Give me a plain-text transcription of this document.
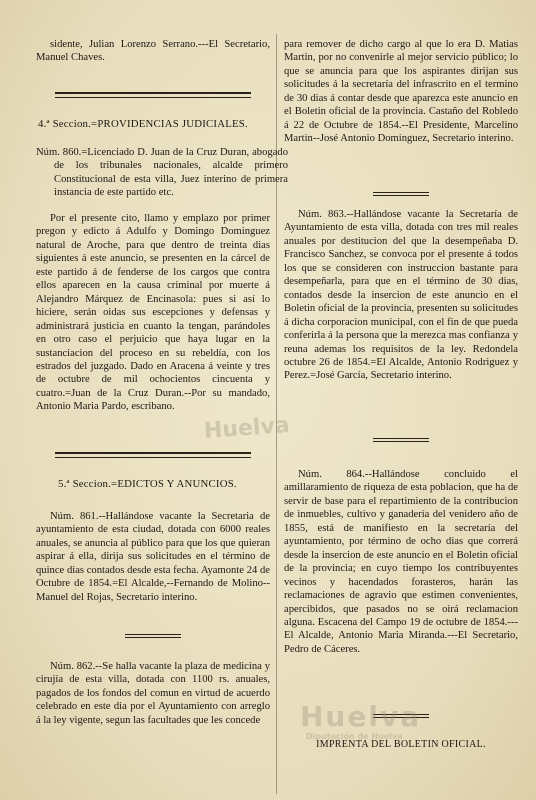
sidente, Julian Lorenzo Serrano.---El Secretario, Manuel Chaves.

4.ª Seccion.=PROVIDENCIAS JUDICIALES.

Núm. 860.=Licenciado D. Juan de la Cruz Duran, abogado de los tribunales nacionales, alcalde primero Constitucional de esta villa, Juez interino de primera instancia de este partido etc.

Por el presente cito, llamo y emplazo por primer pregon y edicto á Adulfo y Domingo Dominguez natural de Aroche, para que dentro de treinta dias siguientes á este anuncio, se presenten en la cárcel de este partido á de fenderse de los cargos que contra ellos aparecen en la causa criminal por muerte á Alejandro Márquez de Encinasola: pues si así lo hiciere, serán oidas sus escepciones y defensas y administrará justicia en cuanto la tengan, parándoles en otro caso el perjuicio que haya lugar en la sustanciacion del proceso en su rebeldía, con los estrados del juzgado. Dado en Aracena á veinte y tres de octubre de mil ochocientos cincuenta y cuatro.=Juan de la Cruz Duran.--Por su mandado, Antonio Maria Pardo, escribano.

5.ª Seccion.=EDICTOS Y ANUNCIOS.

Núm. 861.--Hallándose vacante la Secretaria de ayuntamiento de esta ciudad, dotada con 6000 reales anuales, se anuncia al público para que los que quieran aspirar á ella, dirija sus solicitudes en el término de quince dias contados desde esta fecha. Ayamonte 24 de Octubre de 1854.=El Alcalde,--Fernando de Molino--Manuel del Rojas, Secretario interino.

Núm. 862.--Se halla vacante la plaza de medicina y cirujía de esta villa, dotada con 1100 rs. anuales, pagados de los fondos del comun en virtud de acuerdo celebrado en este dia por el Ayuntamiento con arreglo á la ley vigente, segun las facultades que les concede

para remover de dicho cargo al que lo era D. Matias Martin, por no convenirle al mejor servicio público; lo que se anuncia para que los aspirantes dirijan sus solicitudes á la secretaría del infrascrito en el termino de 30 dias á contar desde que aparezca este anuncio en el Boletin oficial de la provincia. Castaño del Robledo á 22 de Octubre de 1854.--El Presidente, Marcelino Martin--José Antonio Dominguez, Secretario interino.

Núm. 863.--Hallándose vacante la Secretaría de Ayuntamiento de esta villa, dotada con tres mil reales anuales por destitucion del que la desempeñaba D. Francisco Sanchez, se convoca por el presente á todos los que se consideren con instruccion bastante para desempeñarla, para que en el término de 30 dias, contados desde la insercion de este anuncio en el Boletin oficial de la provincia, presenten su solicitudes á dicha corporacion municipal, con el fin de que pueda conferirla á la persona que la merezca mas confianza y reuna ademas los requisitos de la ley. Redondela octubre 26 de 1854.=El Alcalde, Antonio Rodriguez y Perez.=José García, Secretario interino.

Núm. 864.--Hallándose concluido el amillaramiento de riqueza de esta poblacion, que ha de servir de base para el repartimiento de la contribucion de inmuebles, cultivo y ganadería del venidero año de 1855, está de manifiesto en la secretaría del ayuntamiento, por término de ocho dias que correrá desde la insercion de este anuncio en el Boletin oficial de la provincia; en cuyo tiempo los contribuyentes vecinos y hacendados forasteros, harán las reclamaciones de agravio que estimen convenientes, apercibidos, que pasados no se oirá reclamacion alguna. Escacena del Campo 19 de octubre de 1854.---El Alcalde, Antonio Maria Miranda.---El Secretario, Pedro de Cáceres.

IMPRENTA DEL BOLETIN OFICIAL.

Huelva
Huelva
Diputación de Huelva
